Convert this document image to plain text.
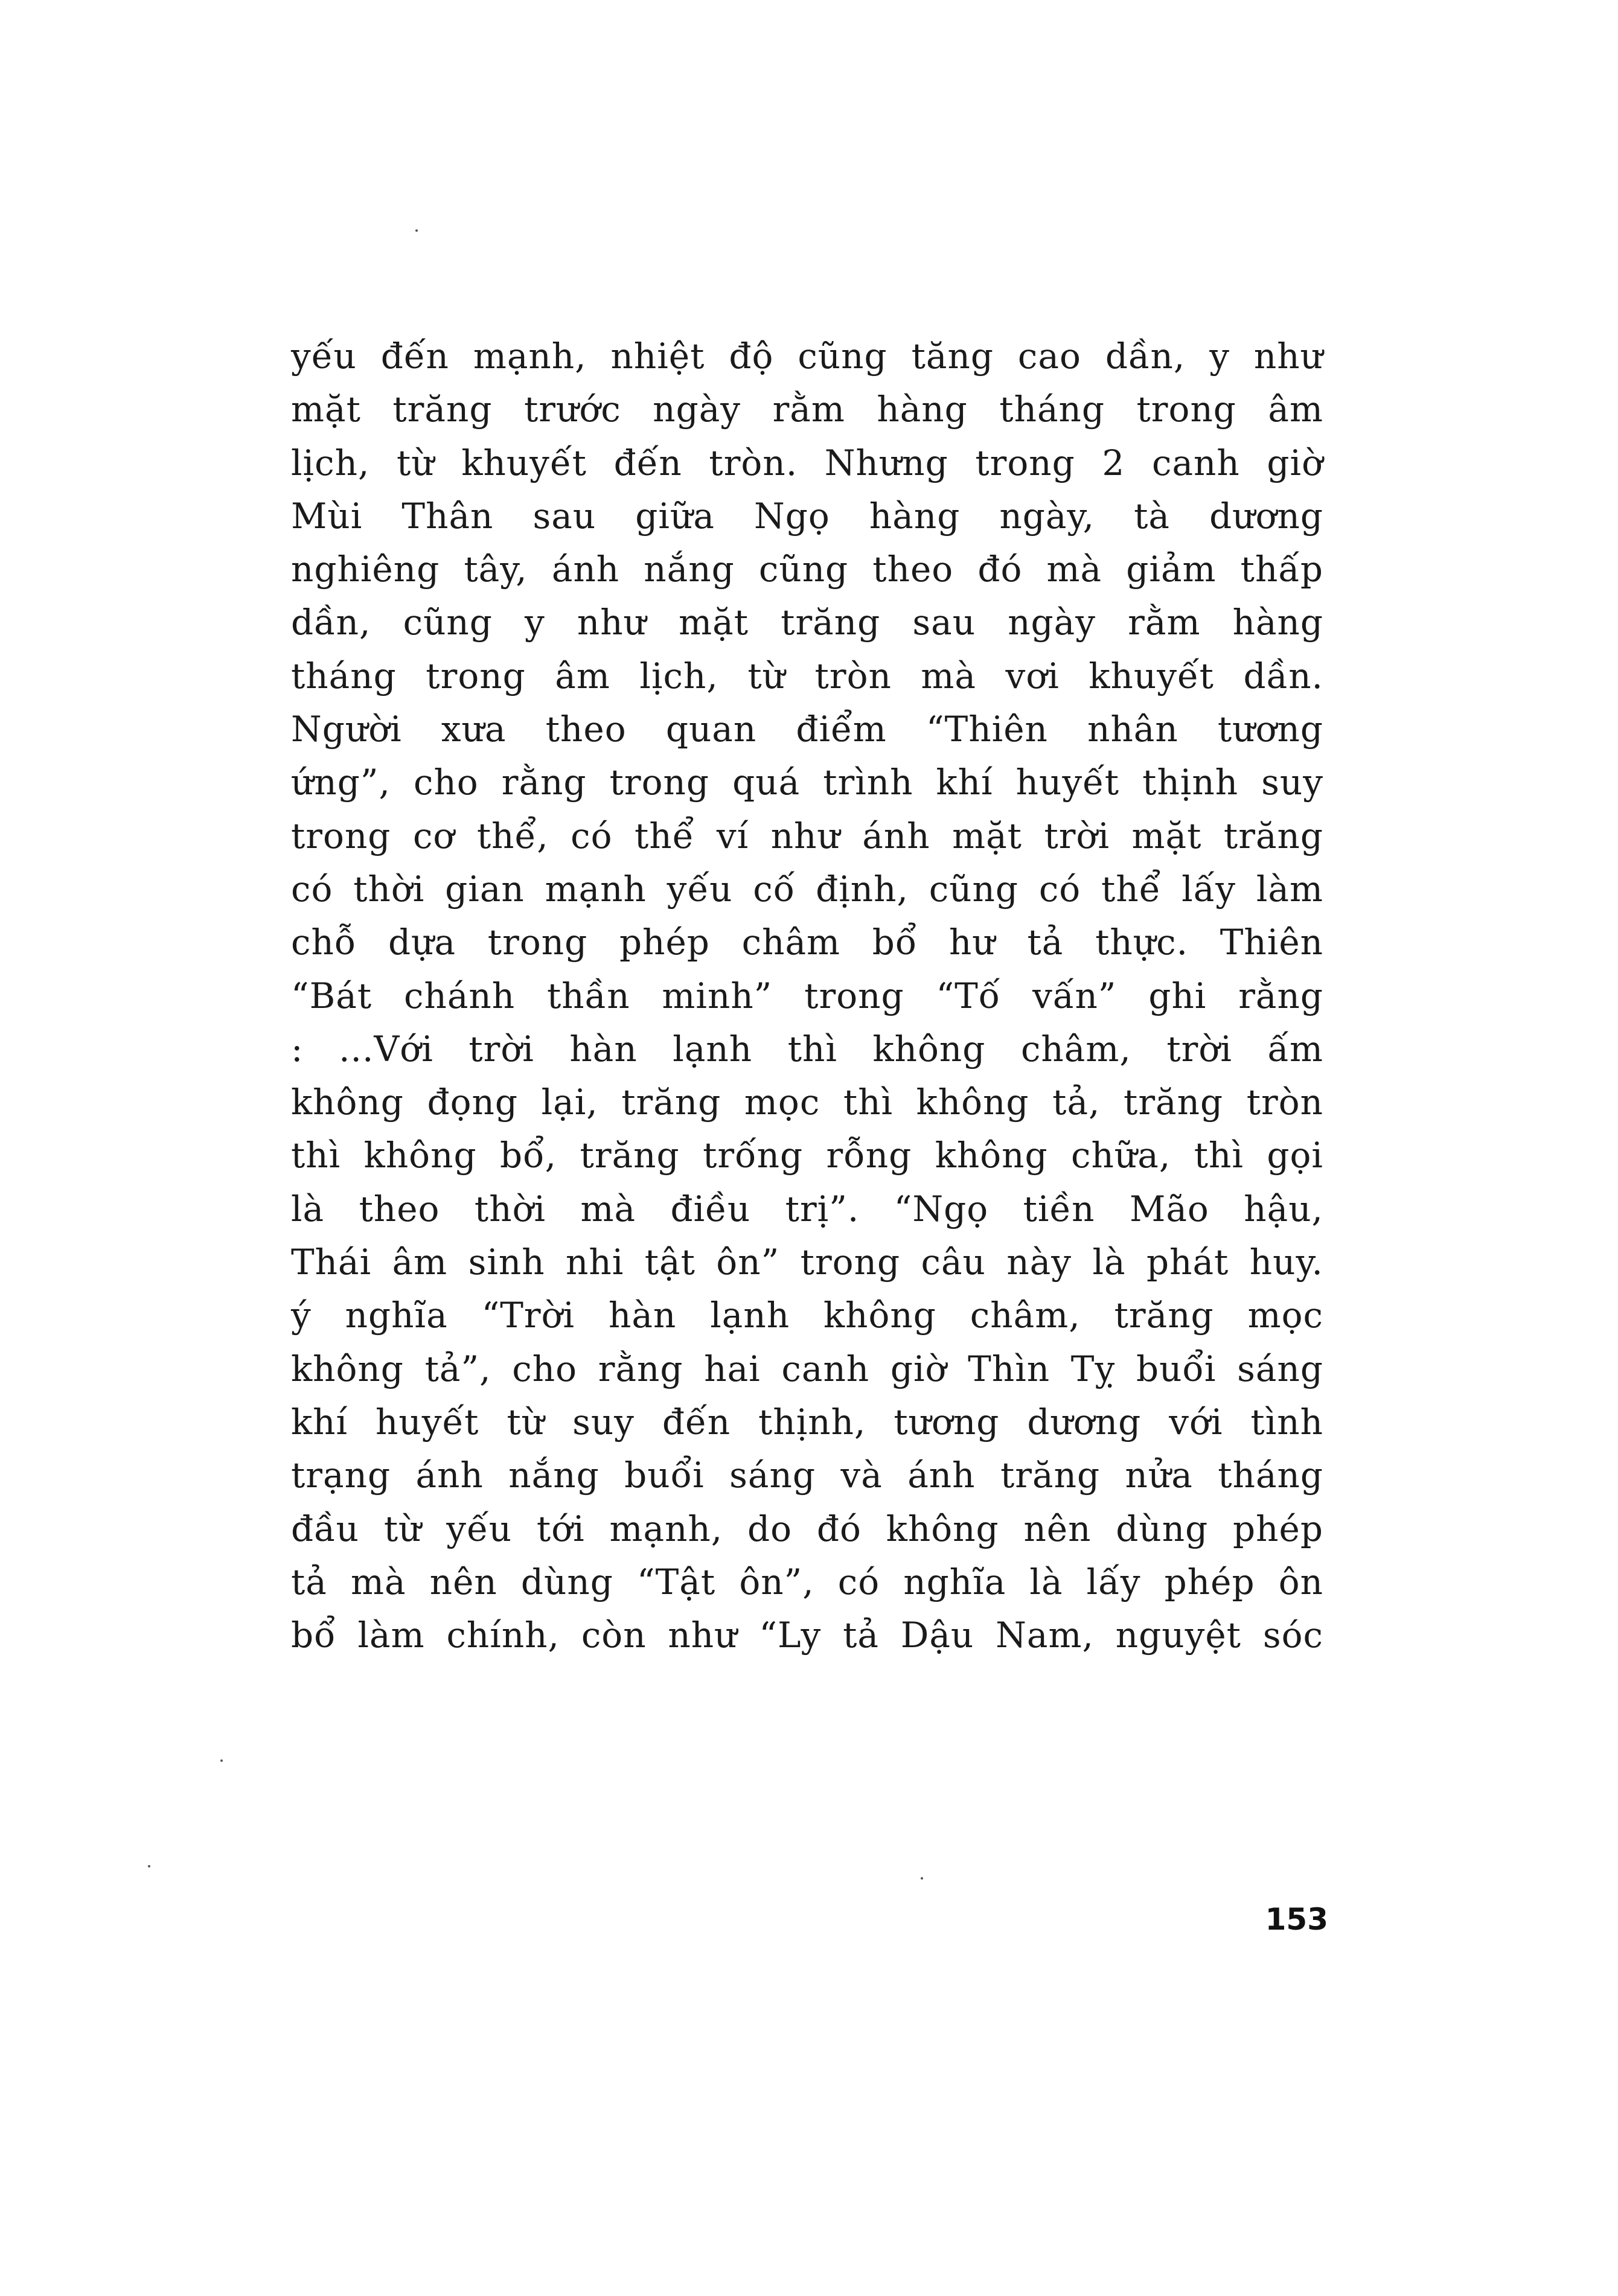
yếu đến mạnh, nhiệt độ cũng tăng cao dần, y như
mặt trăng trước ngày rằm hàng tháng trong âm
lịch, từ khuyết đến tròn. Nhưng trong 2 canh giờ
Mùi Thân sau giữa Ngọ hàng ngày, tà dương
nghiêng tây, ánh nắng cũng theo đó mà giảm thấp
dần, cũng y như mặt trăng sau ngày rằm hàng
tháng trong âm lịch, từ tròn mà vơi khuyết dần.
Người xưa theo quan điểm “Thiên nhân tương
ứng”, cho rằng trong quá trình khí huyết thịnh suy
trong cơ thể, có thể ví như ánh mặt trời mặt trăng
có thời gian mạnh yếu cố định, cũng có thể lấy làm
chỗ dựa trong phép châm bổ hư tả thực. Thiên
“Bát chánh thần minh” trong “Tố vấn” ghi rằng
: ...Với trời hàn lạnh thì không châm, trời ấm
không đọng lại, trăng mọc thì không tả, trăng tròn
thì không bổ, trăng trống rỗng không chữa, thì gọi
là theo thời mà điều trị”. “Ngọ tiền Mão hậu,
Thái âm sinh nhi tật ôn” trong câu này là phát huy.
ý nghĩa “Trời hàn lạnh không châm, trăng mọc
không tả”, cho rằng hai canh giờ Thìn Tỵ buổi sáng
khí huyết từ suy đến thịnh, tương dương với tình
trạng ánh nắng buổi sáng và ánh trăng nửa tháng
đầu từ yếu tới mạnh, do đó không nên dùng phép
tả mà nên dùng “Tật ôn”, có nghĩa là lấy phép ôn
bổ làm chính, còn như “Ly tả Dậu Nam, nguyệt sóc
153
